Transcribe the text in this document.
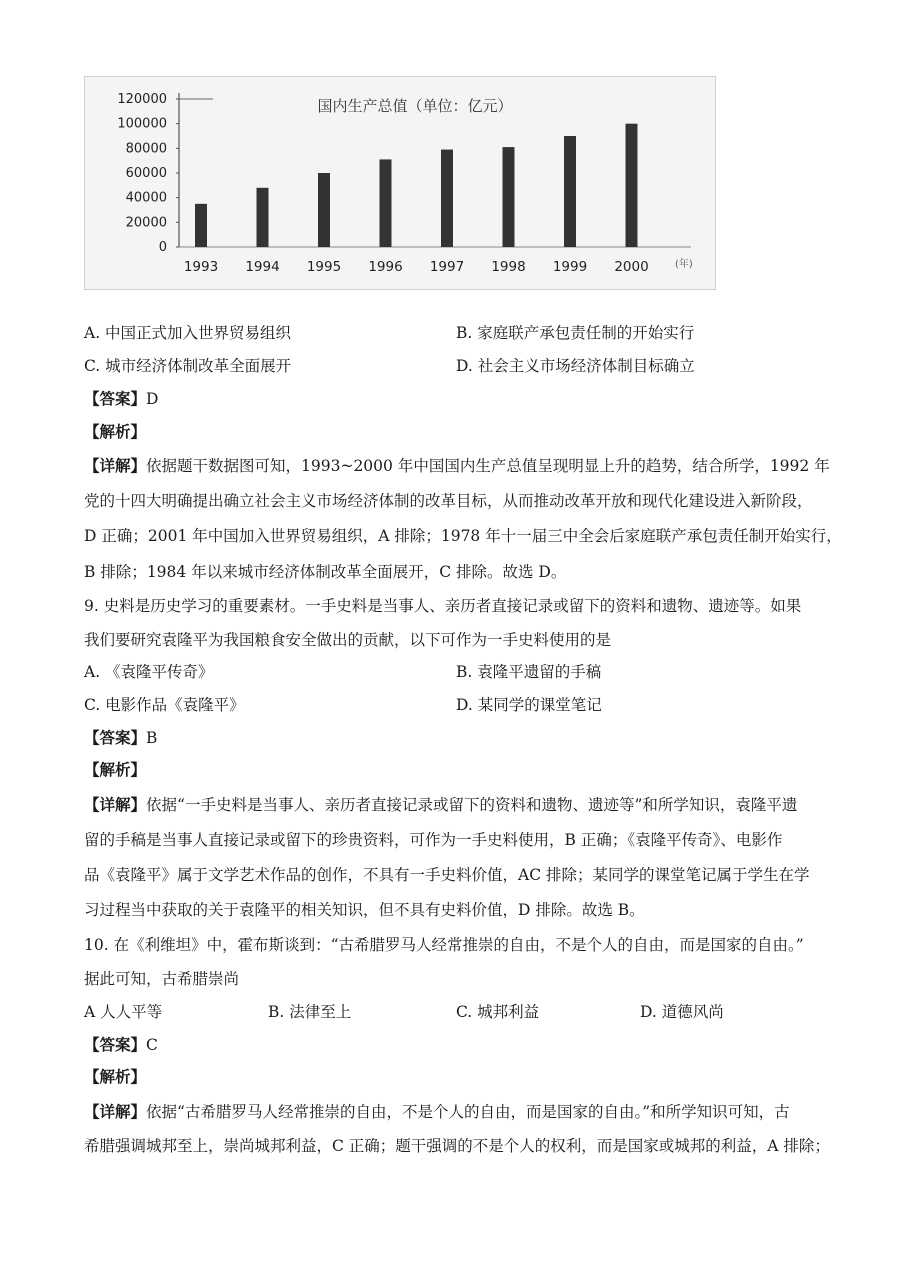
120000
100000
80000
60000
40000
20000
0
国内生产总值（单位：亿元）
1993 1994 1995 1996 1997 1998 1999 2000	(年)
A. 中国正式加入世界贸易组织	B. 家庭联产承包责任制的开始实行
C. 城市经济体制改革全面展开	D. 社会主义市场经济体制目标确立
【答案】D
【解析】
【详解】依据题干数据图可知，1993~2000 年中国国内生产总值呈现明显上升的趋势，结合所学，1992 年
党的十四大明确提出确立社会主义市场经济体制的改革目标，从而推动改革开放和现代化建设进入新阶段，
D 正确；2001 年中国加入世界贸易组织，A 排除；1978 年十一届三中全会后家庭联产承包责任制开始实行，
B 排除；1984 年以来城市经济体制改革全面展开，C 排除。故选 D。
9. 史料是历史学习的重要素材。一手史料是当事人、亲历者直接记录或留下的资料和遗物、遗迹等。如果
我们要研究袁隆平为我国粮食安全做出的贡献，以下可作为一手史料使用的是
A. 《袁隆平传奇》	B. 袁隆平遗留的手稿
C. 电影作品《袁隆平》	D. 某同学的课堂笔记
【答案】B
【解析】
【详解】依据“一手史料是当事人、亲历者直接记录或留下的资料和遗物、遗迹等”和所学知识，袁隆平遗
留的手稿是当事人直接记录或留下的珍贵资料，可作为一手史料使用，B 正确；《袁隆平传奇》、电影作
品《袁隆平》属于文学艺术作品的创作，不具有一手史料价值，AC 排除；某同学的课堂笔记属于学生在学
习过程当中获取的关于袁隆平的相关知识，但不具有史料价值，D 排除。故选 B。
10. 在《利维坦》中，霍布斯谈到：“古希腊罗马人经常推崇的自由，不是个人的自由，而是国家的自由。”
据此可知，古希腊崇尚
A 人人平等	B. 法律至上	C. 城邦利益	D. 道德风尚
【答案】C
【解析】
【详解】依据“古希腊罗马人经常推崇的自由，不是个人的自由，而是国家的自由。”和所学知识可知，古
希腊强调城邦至上，崇尚城邦利益，C 正确；题干强调的不是个人的权利，而是国家或城邦的利益，A 排除；
